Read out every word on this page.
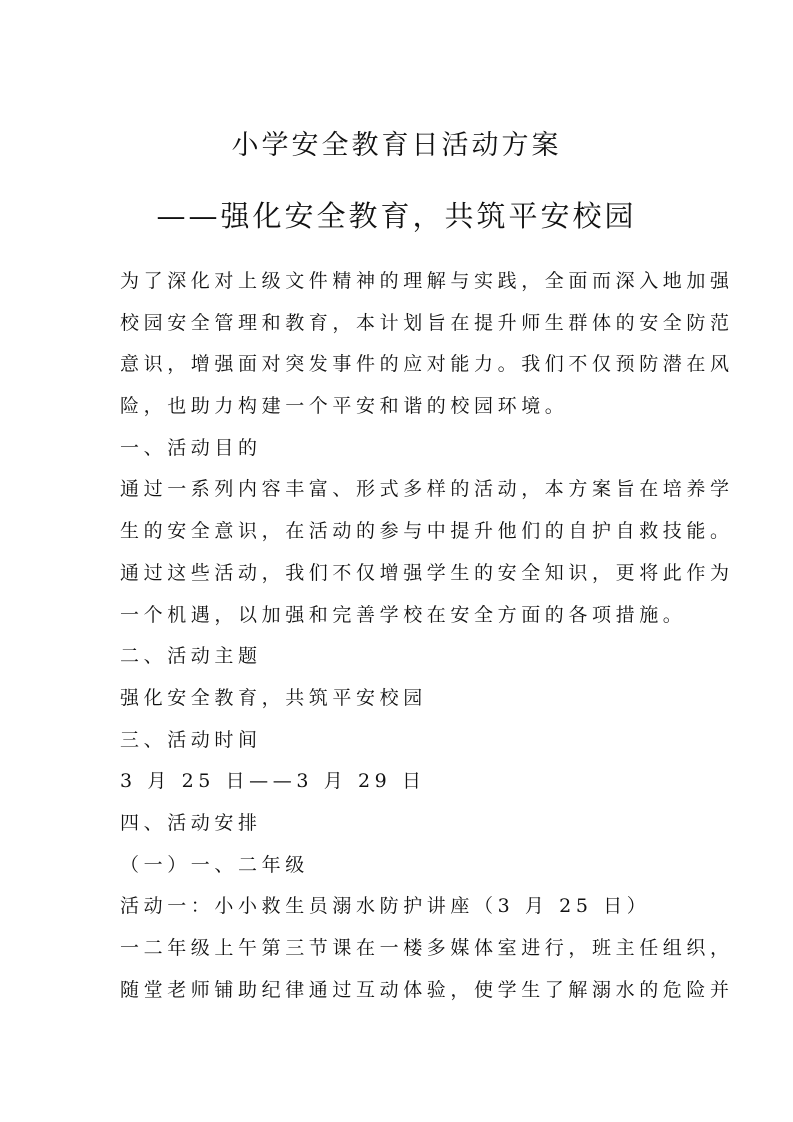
小学安全教育日活动方案
——强化安全教育，共筑平安校园
为了深化对上级文件精神的理解与实践，全面而深入地加强
校园安全管理和教育，本计划旨在提升师生群体的安全防范
意识，增强面对突发事件的应对能力。我们不仅预防潜在风
险，也助力构建一个平安和谐的校园环境。
一、活动目的
通过一系列内容丰富、形式多样的活动，本方案旨在培养学
生的安全意识，在活动的参与中提升他们的自护自救技能。
通过这些活动，我们不仅增强学生的安全知识，更将此作为
一个机遇，以加强和完善学校在安全方面的各项措施。
二、活动主题
强化安全教育，共筑平安校园
三、活动时间
3 月 25 日——3 月 29 日
四、活动安排
（一）一、二年级
活动一：小小救生员溺水防护讲座（3 月 25 日）
一二年级上午第三节课在一楼多媒体室进行，班主任组织，
随堂老师铺助纪律通过互动体验，使学生了解溺水的危险并
